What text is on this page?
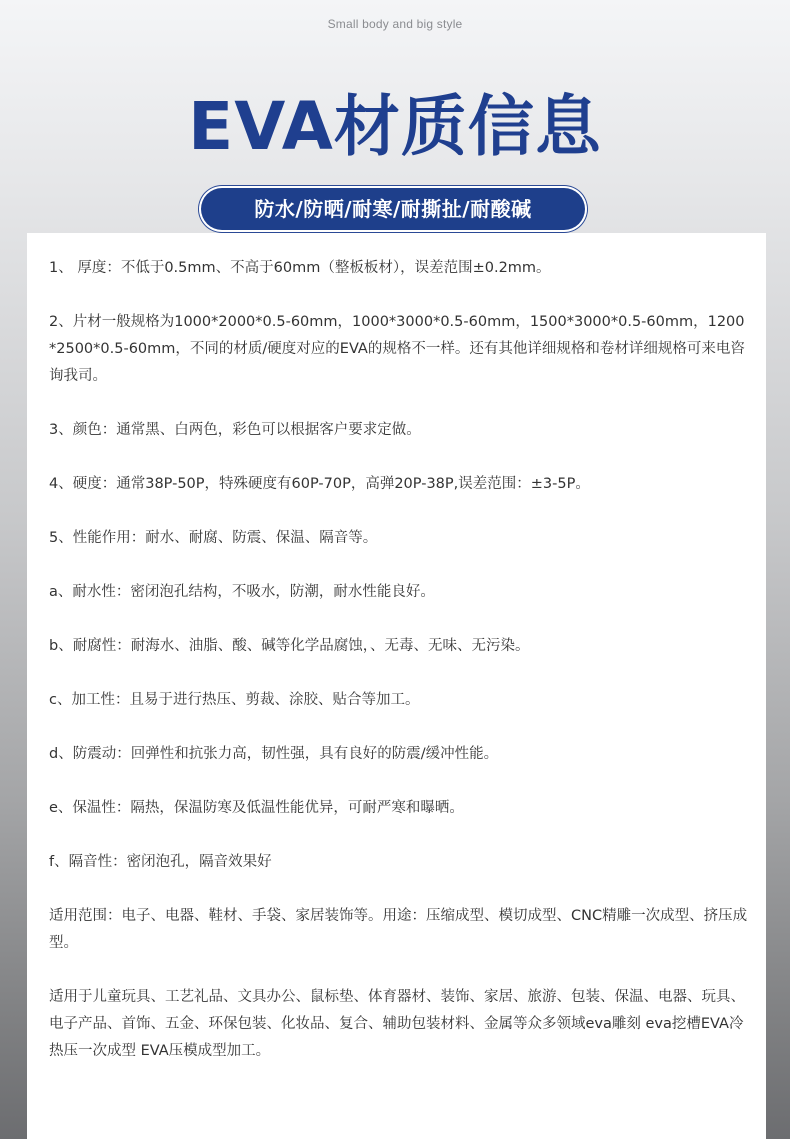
Small body and big style
EVA材质信息
防水/防晒/耐寒/耐撕扯/耐酸碱

1、 厚度：不低于0.5mm、不高于60mm（整板板材），误差范围±0.2mm。

2、片材一般规格为1000*2000*0.5-60mm，1000*3000*0.5-60mm，1500*3000*0.5-60mm，1200*2500*0.5-60mm，不同的材质/硬度对应的EVA的规格不一样。还有其他详细规格和卷材详细规格可来电咨询我司。

3、颜色：通常黑、白两色，彩色可以根据客户要求定做。

4、硬度：通常38P-50P，特殊硬度有60P-70P，高弹20P-38P,误差范围：±3-5P。

5、性能作用：耐水、耐腐、防震、保温、隔音等。

a、耐水性：密闭泡孔结构，不吸水，防潮，耐水性能良好。

b、耐腐性：耐海水、油脂、酸、碱等化学品腐蚀，、无毒、无味、无污染。

c、加工性：且易于进行热压、剪裁、涂胶、贴合等加工。

d、防震动：回弹性和抗张力高，韧性强，具有良好的防震/缓冲性能。

e、保温性：隔热，保温防寒及低温性能优异，可耐严寒和曝晒。

f、隔音性：密闭泡孔，隔音效果好

适用范围：电子、电器、鞋材、手袋、家居装饰等。用途：压缩成型、模切成型、CNC精雕一次成型、挤压成型。

适用于儿童玩具、工艺礼品、文具办公、鼠标垫、体育器材、装饰、家居、旅游、包装、保温、电器、玩具、电子产品、首饰、五金、环保包装、化妆品、复合、辅助包装材料、金属等众多领域eva雕刻 eva挖槽EVA冷热压一次成型 EVA压模成型加工。
